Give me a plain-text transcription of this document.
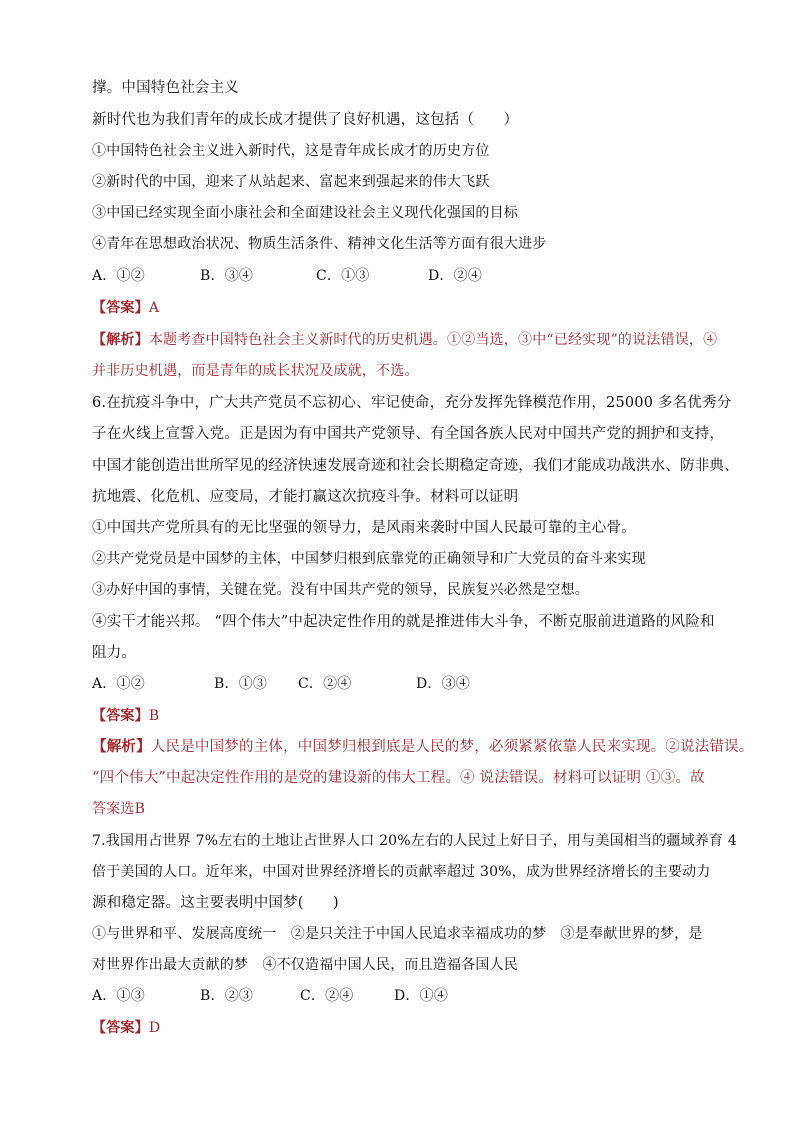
撑。中国特色社会主义
新时代也为我们青年的成长成才提供了良好机遇，这包括（　　）
①中国特色社会主义进入新时代，这是青年成长成才的历史方位
②新时代的中国，迎来了从站起来、富起来到强起来的伟大飞跃
③中国已经实现全面小康社会和全面建设社会主义现代化强国的目标
④青年在思想政治状况、物质生活条件、精神文化生活等方面有很大进步
A．①②	B．③④	C．①③	D．②④
【答案】A
【解析】本题考查中国特色社会主义新时代的历史机遇。①②当选，③中“已经实现”的说法错误，④
并非历史机遇，而是青年的成长状况及成就，不选。
6.在抗疫斗争中，广大共产党员不忘初心、牢记使命，充分发挥先锋模范作用，25000 多名优秀分
子在火线上宣誓入党。正是因为有中国共产党领导、有全国各族人民对中国共产党的拥护和支持，
中国才能创造出世所罕见的经济快速发展奇迹和社会长期稳定奇迹，我们才能成功战洪水、防非典、
抗地震、化危机、应变局，才能打赢这次抗疫斗争。材料可以证明
①中国共产党所具有的无比坚强的领导力，是风雨来袭时中国人民最可靠的主心骨。
②共产党党员是中国梦的主体，中国梦归根到底靠党的正确领导和广大党员的奋斗来实现
③办好中国的事情，关键在党。没有中国共产党的领导，民族复兴必然是空想。
④实干才能兴邦。 “四个伟大”中起决定性作用的就是推进伟大斗争，不断克服前进道路的风险和
阻力。
A．①②	B．①③ C．②④	D．③④
【答案】B
【解析】人民是中国梦的主体，中国梦归根到底是人民的梦，必须紧紧依靠人民来实现。②说法错误。
“四个伟大”中起决定性作用的是党的建设新的伟大工程。④ 说法错误。材料可以证明 ①③。故
答案选B
7.我国用占世界 7%左右的土地让占世界人口 20%左右的人民过上好日子，用与美国相当的疆域养育 4
倍于美国的人口。近年来，中国对世界经济增长的贡献率超过 30%，成为世界经济增长的主要动力
源和稳定器。这主要表明中国梦(　　)
①与世界和平、发展高度统一　②是只关注于中国人民追求幸福成功的梦　③是奉献世界的梦，是
对世界作出最大贡献的梦　④不仅造福中国人民，而且造福各国人民
A．①③	B．②③	C．②④	D．①④
【答案】D
